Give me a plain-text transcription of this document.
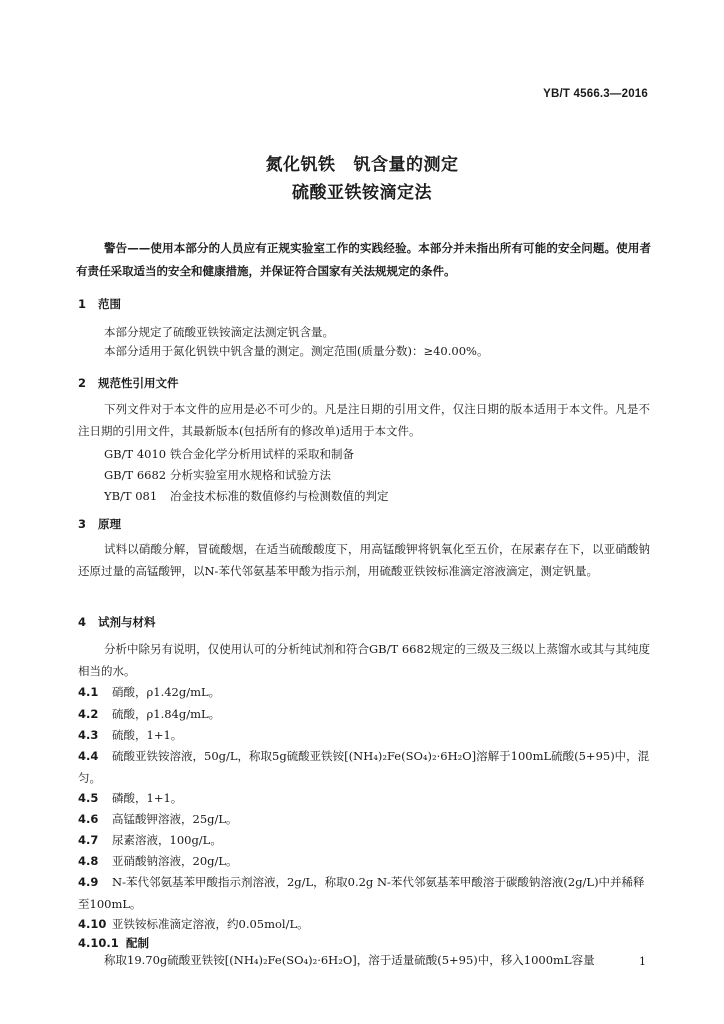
YB/T 4566.3—2016
氮化钒铁 钒含量的测定
硫酸亚铁铵滴定法
警告——使用本部分的人员应有正规实验室工作的实践经验。本部分并未指出所有可能的安全问题。使用者有责任采取适当的安全和健康措施，并保证符合国家有关法规规定的条件。
1 范围
本部分规定了硫酸亚铁铵滴定法测定钒含量。
本部分适用于氮化钒铁中钒含量的测定。测定范围(质量分数)：≥40.00%。
2 规范性引用文件
下列文件对于本文件的应用是必不可少的。凡是注日期的引用文件，仅注日期的版本适用于本文件。凡是不注日期的引用文件，其最新版本(包括所有的修改单)适用于本文件。
GB/T 4010 铁合金化学分析用试样的采取和制备
GB/T 6682 分析实验室用水规格和试验方法
YB/T 081 冶金技术标准的数值修约与检测数值的判定
3 原理
试料以硝酸分解，冒硫酸烟，在适当硫酸酸度下，用高锰酸钾将钒氧化至五价，在尿素存在下，以亚硝酸钠还原过量的高锰酸钾，以N-苯代邻氨基苯甲酸为指示剂，用硫酸亚铁铵标准滴定溶液滴定，测定钒量。
4 试剂与材料
分析中除另有说明，仅使用认可的分析纯试剂和符合GB/T 6682规定的三级及三级以上蒸馏水或其与其纯度相当的水。
4.1 硝酸，ρ1.42g/mL。
4.2 硫酸，ρ1.84g/mL。
4.3 硫酸，1+1。
4.4 硫酸亚铁铵溶液，50g/L，称取5g硫酸亚铁铵[(NH₄)₂Fe(SO₄)₂·6H₂O]溶解于100mL硫酸(5+95)中，混匀。
4.5 磷酸，1+1。
4.6 高锰酸钾溶液，25g/L。
4.7 尿素溶液，100g/L。
4.8 亚硝酸钠溶液，20g/L。
4.9 N-苯代邻氨基苯甲酸指示剂溶液，2g/L，称取0.2g N-苯代邻氨基苯甲酸溶于碳酸钠溶液(2g/L)中并稀释至100mL。
4.10 亚铁铵标准滴定溶液，约0.05mol/L。
4.10.1 配制
称取19.70g硫酸亚铁铵[(NH₄)₂Fe(SO₄)₂·6H₂O]，溶于适量硫酸(5+95)中，移入1000mL容量	1
